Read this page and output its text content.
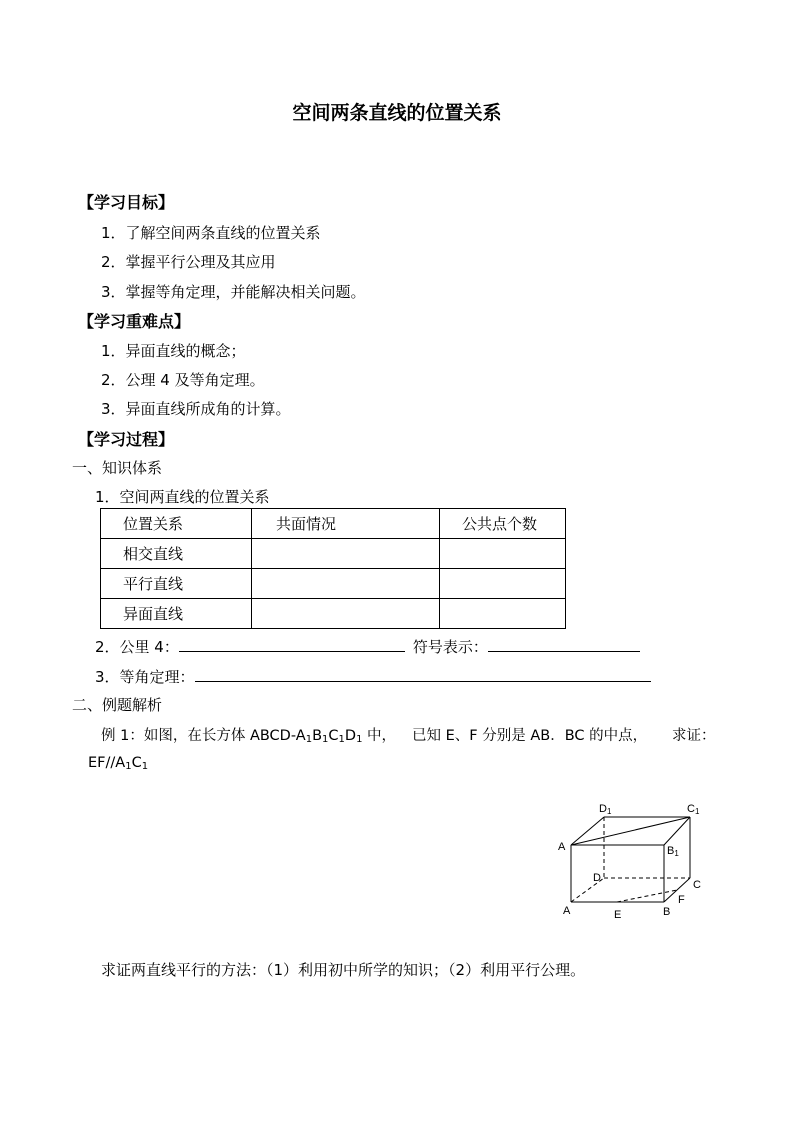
空间两条直线的位置关系
【学习目标】
1．了解空间两条直线的位置关系
2．掌握平行公理及其应用
3．掌握等角定理，并能解决相关问题。
【学习重难点】
1．异面直线的概念；
2．公理 4 及等角定理。
3．异面直线所成角的计算。
【学习过程】
一、知识体系
1．空间两直线的位置关系
位置关系	共面情况	公共点个数
相交直线		
平行直线		
异面直线		
2．公里 4：	符号表示：
3．等角定理：
二、例题解析
例 1：如图，在长方体 ABCD-$A_1B_1C_1D_1$ 中， 已知 E、F 分别是 AB．BC 的中点， 求证：
$EF//A_1C_1$
D1	C1
A	B1
D
C
A	B
E
F
求证两直线平行的方法：（1）利用初中所学的知识；（2）利用平行公理。
